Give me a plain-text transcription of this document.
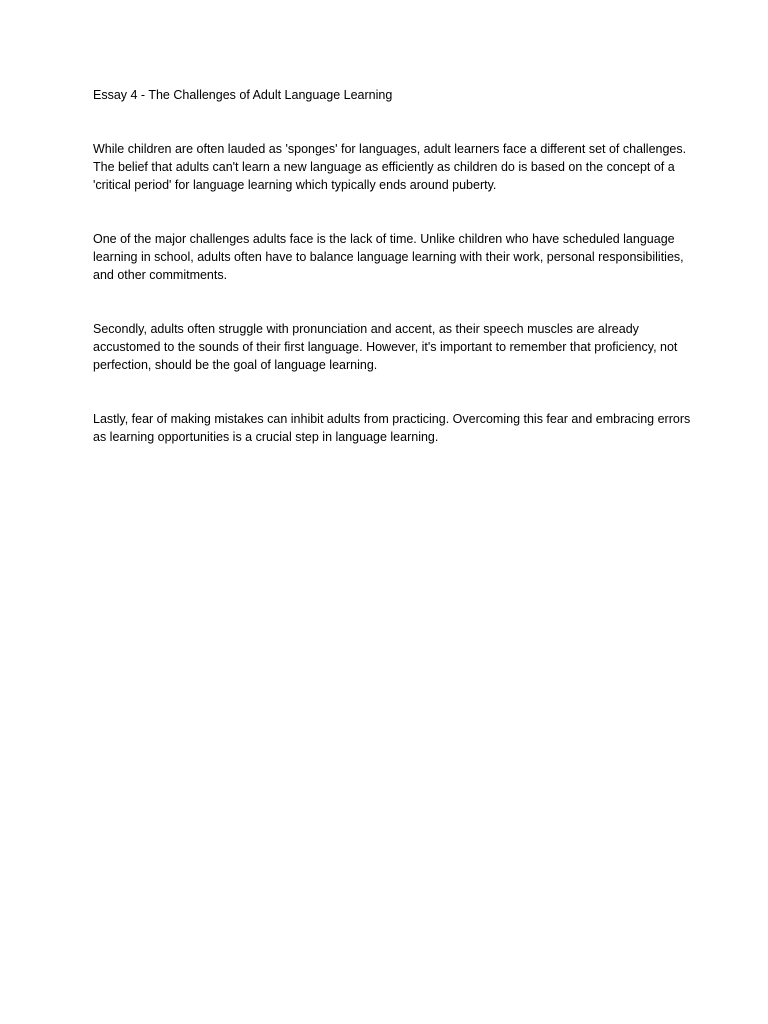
Essay 4 - The Challenges of Adult Language Learning

While children are often lauded as 'sponges' for languages, adult learners face a different set of challenges. The belief that adults can't learn a new language as efficiently as children do is based on the concept of a 'critical period' for language learning which typically ends around puberty.

One of the major challenges adults face is the lack of time. Unlike children who have scheduled language learning in school, adults often have to balance language learning with their work, personal responsibilities, and other commitments.

Secondly, adults often struggle with pronunciation and accent, as their speech muscles are already accustomed to the sounds of their first language. However, it's important to remember that proficiency, not perfection, should be the goal of language learning.

Lastly, fear of making mistakes can inhibit adults from practicing. Overcoming this fear and embracing errors as learning opportunities is a crucial step in language learning.
